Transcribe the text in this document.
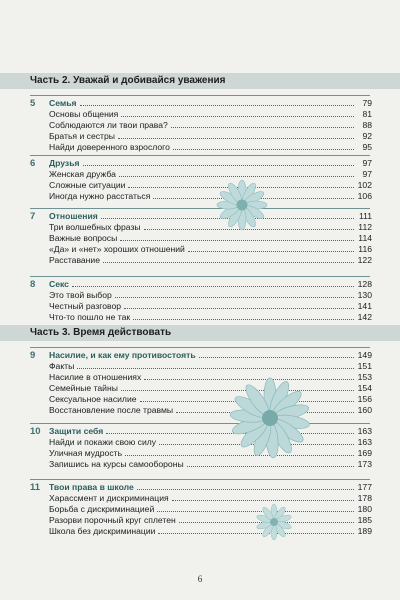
Часть 2. Уважай и добивайся уважения
5	Семья	79
Основы общения	81
Соблюдаются ли твои права?	88
Братья и сестры	92
Найди доверенного взрослого	95
6	Друзья	97
Женская дружба	97
Сложные ситуации	102
Иногда нужно расстаться	106
7	Отношения	111
Три волшебных фразы	112
Важные вопросы	114
«Да» и «нет» хороших отношений	116
Расставание	122
8	Секс	128
Это твой выбор	130
Честный разговор	141
Что-то пошло не так	142
Часть 3. Время действовать
9	Насилие, и как ему противостоять	149
Факты	151
Насилие в отношениях	153
Семейные тайны	154
Сексуальное насилие	156
Восстановление после травмы	160
10 Защити себя	163
Найди и покажи свою силу	163
Уличная мудрость	169
Запишись на курсы самообороны	173
11 Твои права в школе	177
Харассмент и дискриминация	178
Борьба с дискриминацией	180
Разорви порочный круг сплетен	185
Школа без дискриминации	189
6
